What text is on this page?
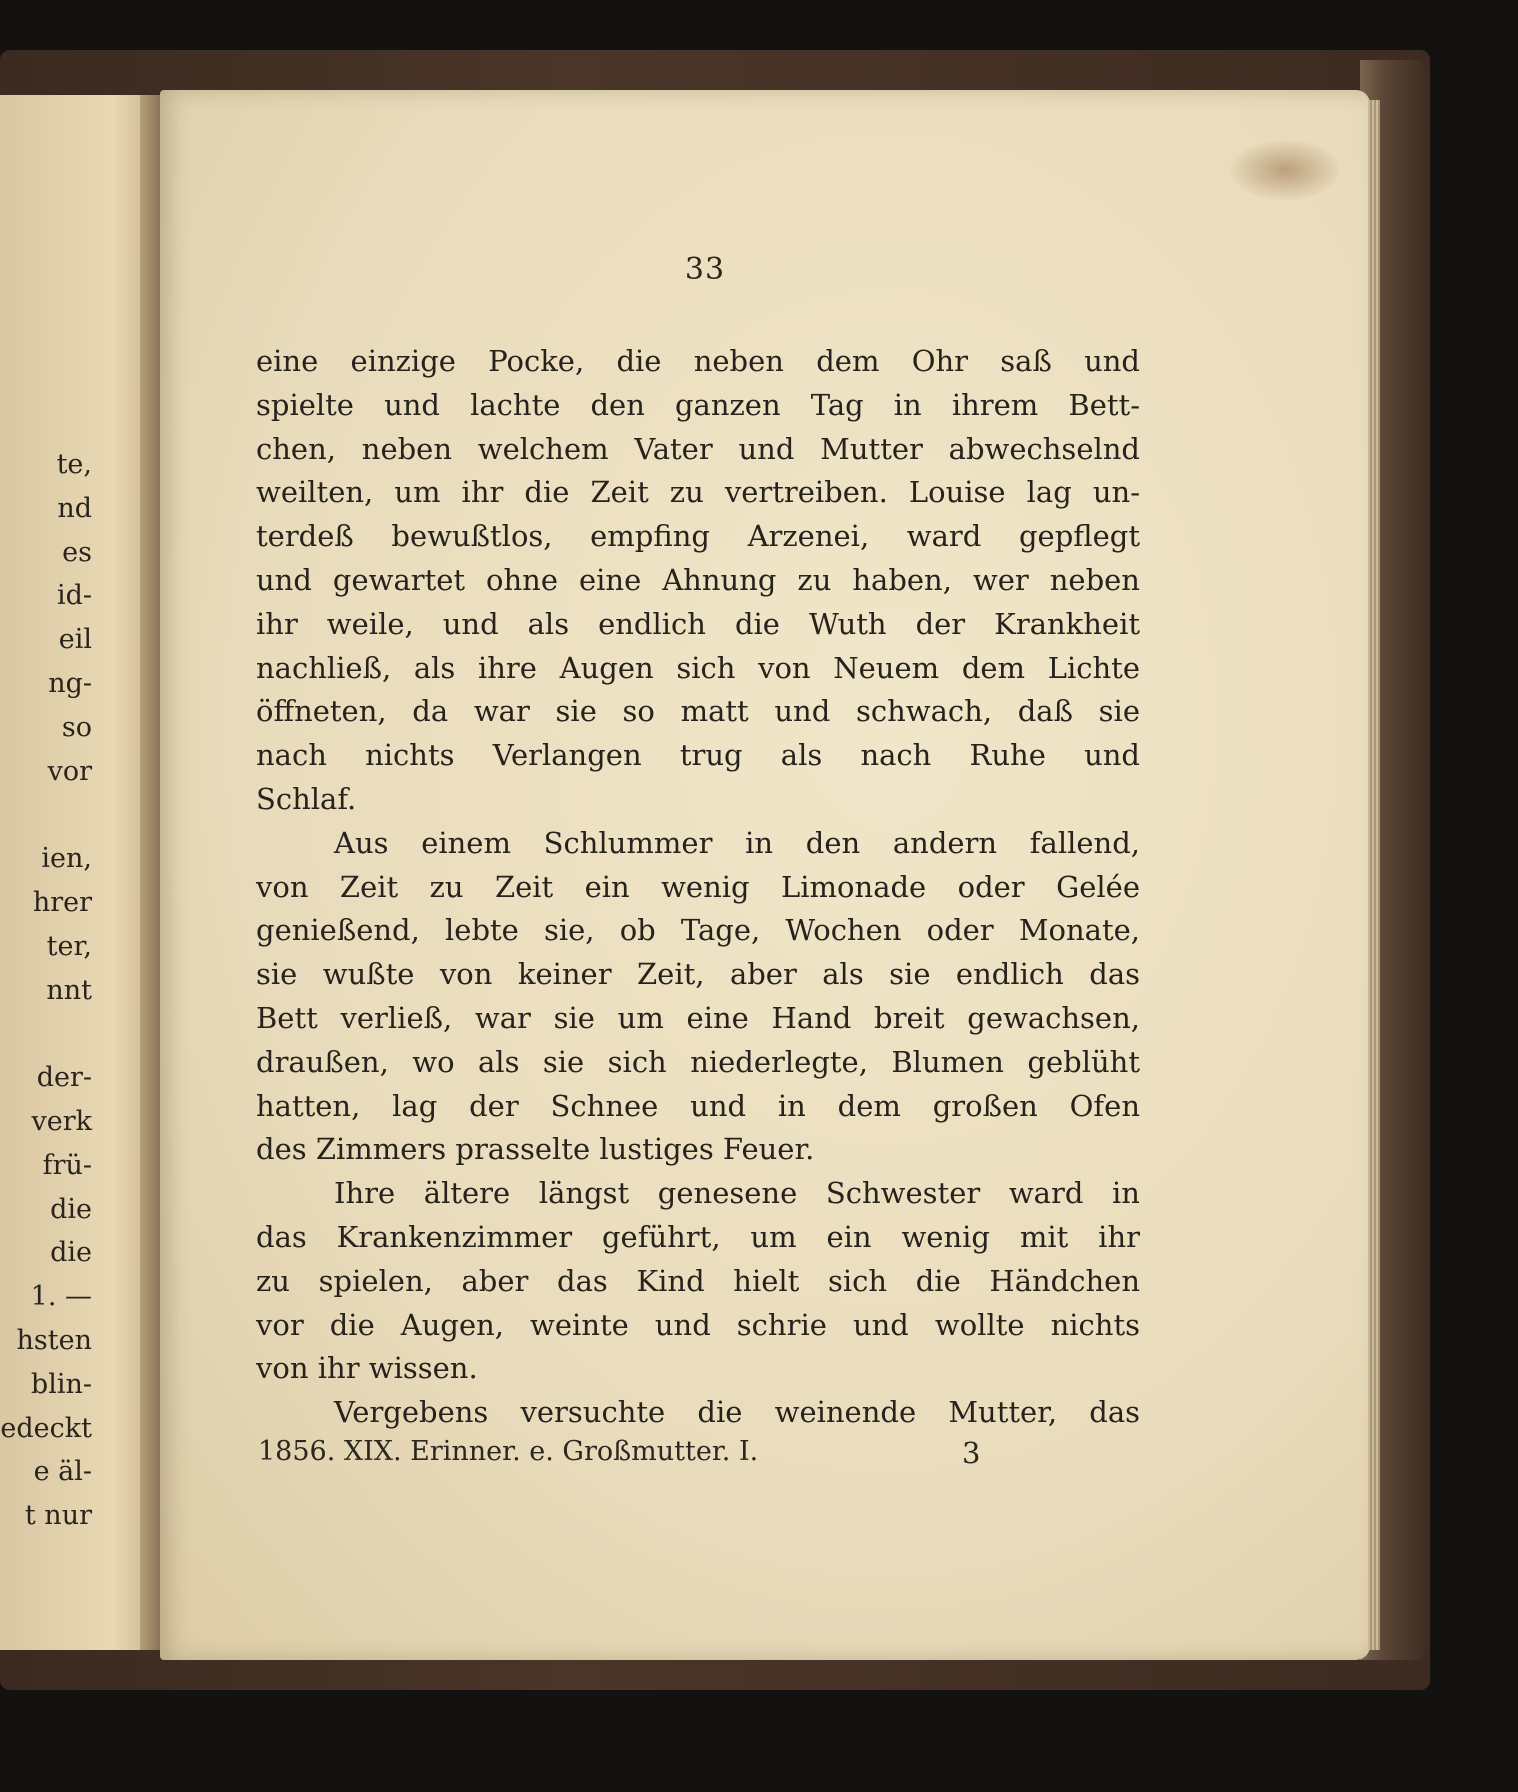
te,
nd
es
id-
eil
ng-
so
vor
ien,
hrer
ter,
nnt
der-
verk
frü-
die
die
1. —
hsten
blin-
edeckt
e äl-
t nur
33
eine einzige Pocke, die neben dem Ohr saß und
spielte und lachte den ganzen Tag in ihrem Bett-
chen, neben welchem Vater und Mutter abwechselnd
weilten, um ihr die Zeit zu vertreiben. Louise lag un-
terdeß bewußtlos, empfing Arzenei, ward gepflegt
und gewartet ohne eine Ahnung zu haben, wer neben
ihr weile, und als endlich die Wuth der Krankheit
nachließ, als ihre Augen sich von Neuem dem Lichte
öffneten, da war sie so matt und schwach, daß sie
nach nichts Verlangen trug als nach Ruhe und
Schlaf.
Aus einem Schlummer in den andern fallend,
von Zeit zu Zeit ein wenig Limonade oder Gelée
genießend, lebte sie, ob Tage, Wochen oder Monate,
sie wußte von keiner Zeit, aber als sie endlich das
Bett verließ, war sie um eine Hand breit gewachsen,
draußen, wo als sie sich niederlegte, Blumen geblüht
hatten, lag der Schnee und in dem großen Ofen
des Zimmers prasselte lustiges Feuer.
Ihre ältere längst genesene Schwester ward in
das Krankenzimmer geführt, um ein wenig mit ihr
zu spielen, aber das Kind hielt sich die Händchen
vor die Augen, weinte und schrie und wollte nichts
von ihr wissen.
Vergebens versuchte die weinende Mutter, das
1856. XIX. Erinner. e. Großmutter. I.	3
